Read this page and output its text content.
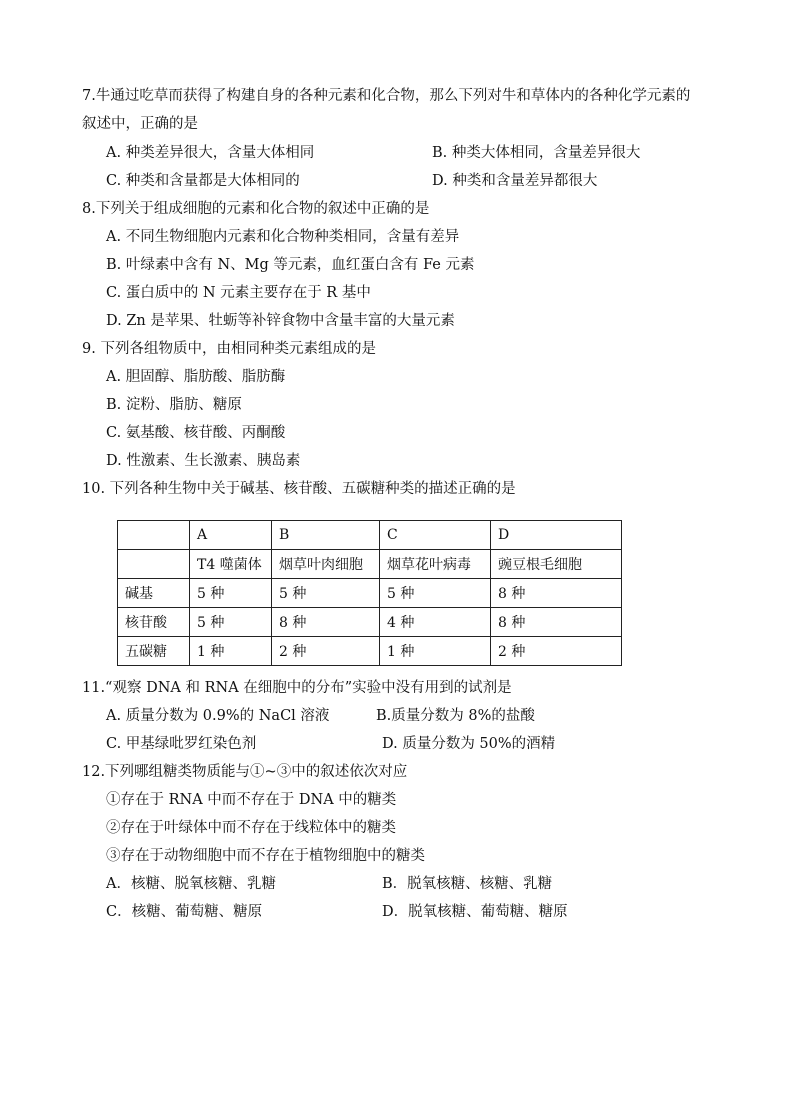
7.牛通过吃草而获得了构建自身的各种元素和化合物，那么下列对牛和草体内的各种化学元素的
叙述中，正确的是
A. 种类差异很大，含量大体相同	B. 种类大体相同，含量差异很大
C. 种类和含量都是大体相同的	D. 种类和含量差异都很大
8.下列关于组成细胞的元素和化合物的叙述中正确的是
A. 不同生物细胞内元素和化合物种类相同，含量有差异
B. 叶绿素中含有 N、Mg 等元素，血红蛋白含有 Fe 元素
C. 蛋白质中的 N 元素主要存在于 R 基中
D. Zn 是苹果、牡蛎等补锌食物中含量丰富的大量元素
9. 下列各组物质中，由相同种类元素组成的是
A. 胆固醇、脂肪酸、脂肪酶
B. 淀粉、脂肪、糖原
C. 氨基酸、核苷酸、丙酮酸
D. 性激素、生长激素、胰岛素
10. 下列各种生物中关于碱基、核苷酸、五碳糖种类的描述正确的是
	A	B	C	D
	T4 噬菌体	烟草叶肉细胞	烟草花叶病毒	豌豆根毛细胞
碱基	5 种	5 种	5 种	8 种
核苷酸	5 种	8 种	4 种	8 种
五碳糖	1 种	2 种	1 种	2 种
11.“观察 DNA 和 RNA 在细胞中的分布”实验中没有用到的试剂是
A. 质量分数为 0.9%的 NaCl 溶液	B.质量分数为 8%的盐酸
C. 甲基绿吡罗红染色剂	D. 质量分数为 50%的酒精
12.下列哪组糖类物质能与①~③中的叙述依次对应
①存在于 RNA 中而不存在于 DNA 中的糖类
②存在于叶绿体中而不存在于线粒体中的糖类
③存在于动物细胞中而不存在于植物细胞中的糖类
A．核糖、脱氧核糖、乳糖	B．脱氧核糖、核糖、乳糖
C．核糖、葡萄糖、糖原	D．脱氧核糖、葡萄糖、糖原
